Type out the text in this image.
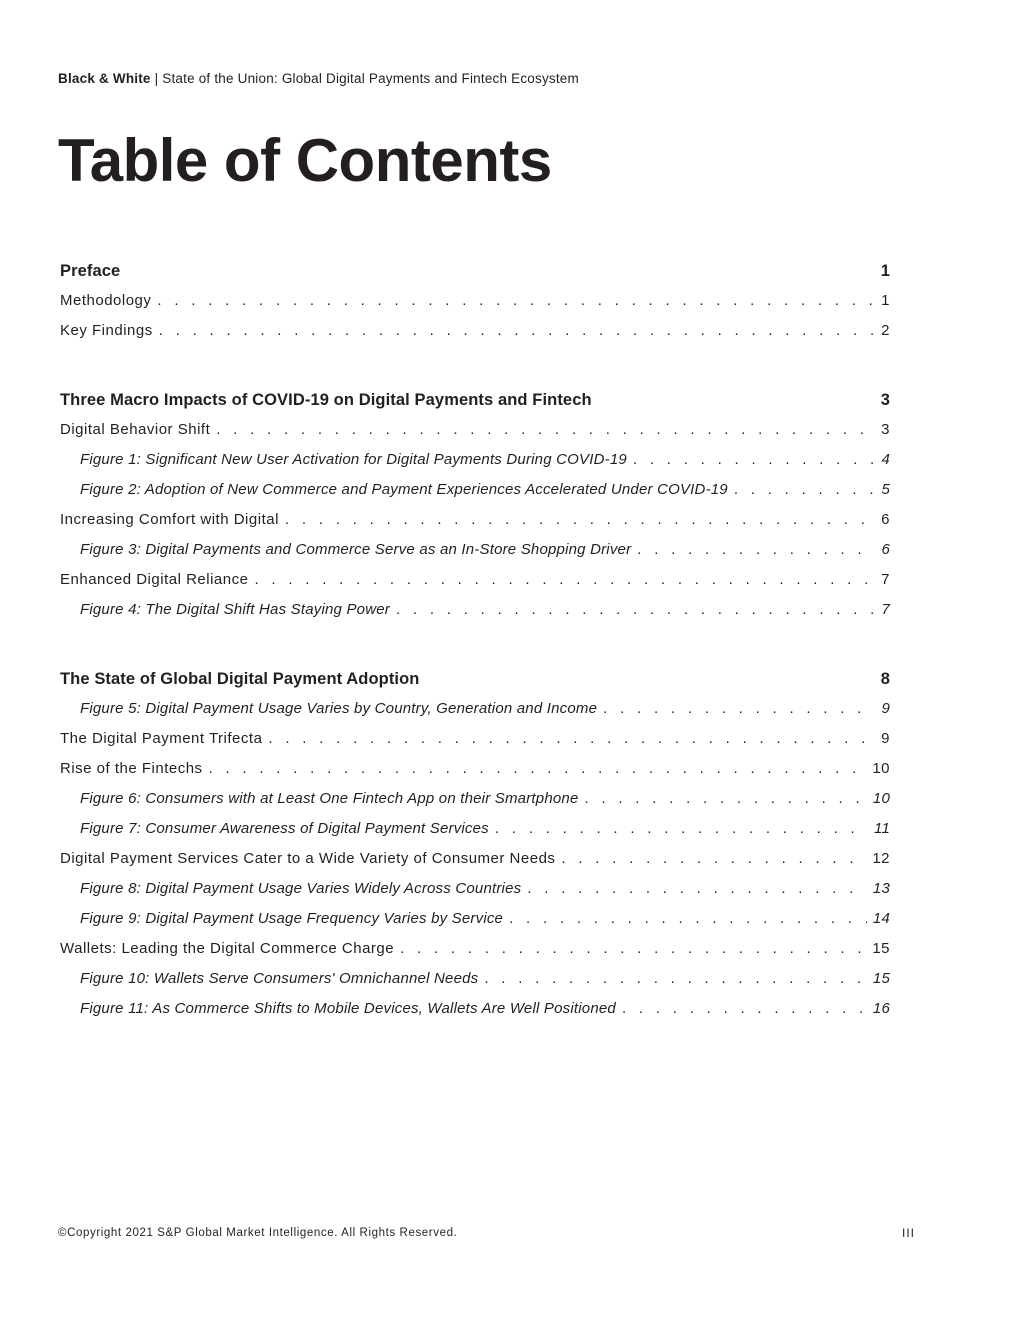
Black & White | State of the Union: Global Digital Payments and Fintech Ecosystem
Table of Contents
Preface	1
Methodology . . .	1
Key Findings . . .	2
Three Macro Impacts of COVID-19 on Digital Payments and Fintech	3
Digital Behavior Shift . . .	3
Figure 1: Significant New User Activation for Digital Payments During COVID-19 . . .	4
Figure 2: Adoption of New Commerce and Payment Experiences Accelerated Under COVID-19 . . .	5
Increasing Comfort with Digital . . .	6
Figure 3: Digital Payments and Commerce Serve as an In-Store Shopping Driver . . .	6
Enhanced Digital Reliance . . .	7
Figure 4: The Digital Shift Has Staying Power . . .	7
The State of Global Digital Payment Adoption	8
Figure 5: Digital Payment Usage Varies by Country, Generation and Income . . .	9
The Digital Payment Trifecta . . .	9
Rise of the Fintechs . . .	10
Figure 6: Consumers with at Least One Fintech App on their Smartphone . . .	10
Figure 7: Consumer Awareness of Digital Payment Services . . .	11
Digital Payment Services Cater to a Wide Variety of Consumer Needs . . .	12
Figure 8: Digital Payment Usage Varies Widely Across Countries . . .	13
Figure 9: Digital Payment Usage Frequency Varies by Service . . .	14
Wallets: Leading the Digital Commerce Charge . . .	15
Figure 10: Wallets Serve Consumers' Omnichannel Needs . . .	15
Figure 11: As Commerce Shifts to Mobile Devices, Wallets Are Well Positioned . . .	16
©Copyright 2021 S&P Global Market Intelligence. All Rights Reserved.	III
